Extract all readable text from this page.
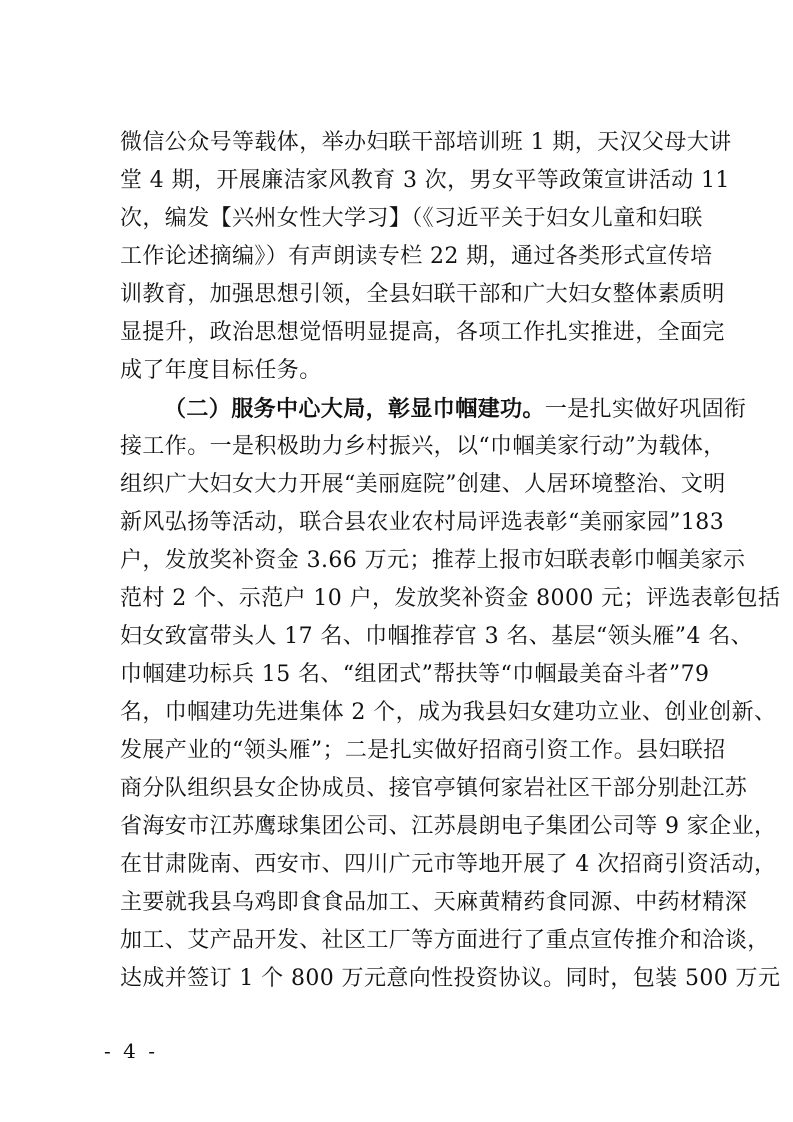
微信公众号等载体，举办妇联干部培训班 1 期，天汉父母大讲
堂 4 期，开展廉洁家风教育 3 次，男女平等政策宣讲活动 11
次，编发【兴州女性大学习】（《习近平关于妇女儿童和妇联
工作论述摘编》）有声朗读专栏 22 期，通过各类形式宣传培
训教育，加强思想引领，全县妇联干部和广大妇女整体素质明
显提升，政治思想觉悟明显提高，各项工作扎实推进，全面完
成了年度目标任务。
（二）服务中心大局，彰显巾帼建功。一是扎实做好巩固衔
接工作。一是积极助力乡村振兴，以“巾帼美家行动”为载体，
组织广大妇女大力开展“美丽庭院”创建、人居环境整治、文明
新风弘扬等活动，联合县农业农村局评选表彰“美丽家园”183
户，发放奖补资金 3.66 万元；推荐上报市妇联表彰巾帼美家示
范村 2 个、示范户 10 户，发放奖补资金 8000 元；评选表彰包括
妇女致富带头人 17 名、巾帼推荐官 3 名、基层“领头雁”4 名、
巾帼建功标兵 15 名、“组团式”帮扶等“巾帼最美奋斗者”79
名，巾帼建功先进集体 2 个，成为我县妇女建功立业、创业创新、
发展产业的“领头雁”；二是扎实做好招商引资工作。县妇联招
商分队组织县女企协成员、接官亭镇何家岩社区干部分别赴江苏
省海安市江苏鹰球集团公司、江苏晨朗电子集团公司等 9 家企业，
在甘肃陇南、西安市、四川广元市等地开展了 4 次招商引资活动，
主要就我县乌鸡即食食品加工、天麻黄精药食同源、中药材精深
加工、艾产品开发、社区工厂等方面进行了重点宣传推介和洽谈，
达成并签订 1 个 800 万元意向性投资协议。同时，包装 500 万元
- 4 -
